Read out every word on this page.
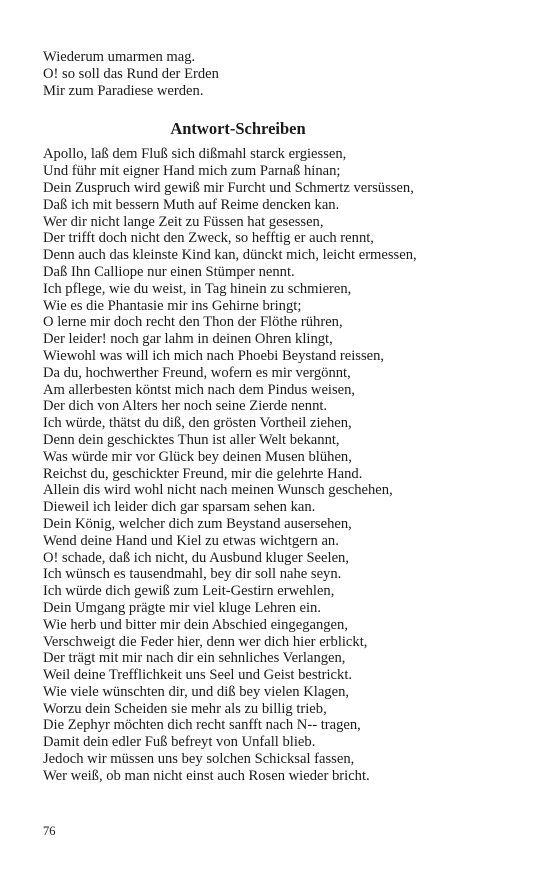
Wiederum umarmen mag.
O! so soll das Rund der Erden
Mir zum Paradiese werden.
Antwort-Schreiben
Apollo, laß dem Fluß sich dißmahl starck ergiessen,
Und führ mit eigner Hand mich zum Parnaß hinan;
Dein Zuspruch wird gewiß mir Furcht und Schmertz versüssen,
Daß ich mit bessern Muth auf Reime dencken kan.
Wer dir nicht lange Zeit zu Füssen hat gesessen,
Der trifft doch nicht den Zweck, so hefftig er auch rennt,
Denn auch das kleinste Kind kan, dünckt mich, leicht ermessen,
Daß Ihn Calliope nur einen Stümper nennt.
Ich pflege, wie du weist, in Tag hinein zu schmieren,
Wie es die Phantasie mir ins Gehirne bringt;
O lerne mir doch recht den Thon der Flöthe rühren,
Der leider! noch gar lahm in deinen Ohren klingt,
Wiewohl was will ich mich nach Phoebi Beystand reissen,
Da du, hochwerther Freund, wofern es mir vergönnt,
Am allerbesten köntst mich nach dem Pindus weisen,
Der dich von Alters her noch seine Zierde nennt.
Ich würde, thätst du diß, den grösten Vortheil ziehen,
Denn dein geschicktes Thun ist aller Welt bekannt,
Was würde mir vor Glück bey deinen Musen blühen,
Reichst du, geschickter Freund, mir die gelehrte Hand.
Allein dis wird wohl nicht nach meinen Wunsch geschehen,
Dieweil ich leider dich gar sparsam sehen kan.
Dein König, welcher dich zum Beystand ausersehen,
Wend deine Hand und Kiel zu etwas wichtgern an.
O! schade, daß ich nicht, du Ausbund kluger Seelen,
Ich wünsch es tausendmahl, bey dir soll nahe seyn.
Ich würde dich gewiß zum Leit-Gestirn erwehlen,
Dein Umgang prägte mir viel kluge Lehren ein.
Wie herb und bitter mir dein Abschied eingegangen,
Verschweigt die Feder hier, denn wer dich hier erblickt,
Der trägt mit mir nach dir ein sehnliches Verlangen,
Weil deine Trefflichkeit uns Seel und Geist bestrickt.
Wie viele wünschten dir, und diß bey vielen Klagen,
Worzu dein Scheiden sie mehr als zu billig trieb,
Die Zephyr möchten dich recht sanfft nach N-- tragen,
Damit dein edler Fuß befreyt von Unfall blieb.
Jedoch wir müssen uns bey solchen Schicksal fassen,
Wer weiß, ob man nicht einst auch Rosen wieder bricht.
76
